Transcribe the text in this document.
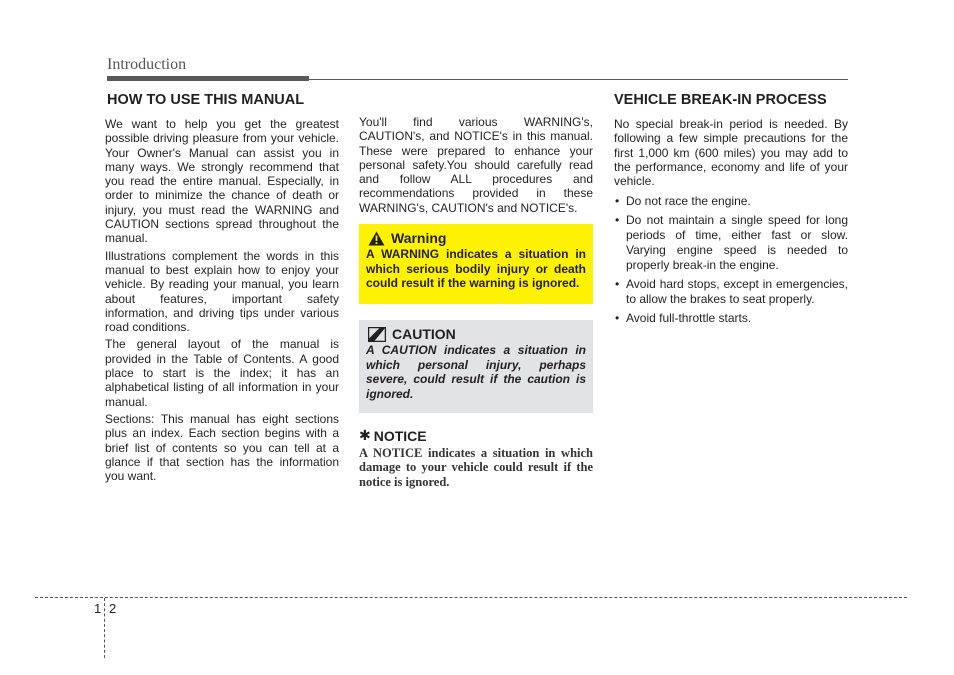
Introduction
HOW TO USE THIS MANUAL

We want to help you get the greatest possible driving pleasure from your vehicle. Your Owner's Manual can assist you in many ways. We strongly recommend that you read the entire manual. Especially, in order to minimize the chance of death or injury, you must read the WARNING and CAUTION sections spread throughout the manual.

Illustrations complement the words in this manual to best explain how to enjoy your vehicle. By reading your manual, you learn about features, important safety information, and driving tips under various road conditions.

The general layout of the manual is provided in the Table of Contents. A good place to start is the index; it has an alphabetical listing of all information in your manual.

Sections: This manual has eight sections plus an index. Each section begins with a brief list of contents so you can tell at a glance if that section has the information you want.

You'll find various WARNING's, CAUTION's, and NOTICE's in this manual. These were prepared to enhance your personal safety.You should carefully read and follow ALL procedures and recommendations provided in these WARNING's, CAUTION's and NOTICE's.

Warning
A WARNING indicates a situation in which serious bodily injury or death could result if the warning is ignored.
CAUTION
A CAUTION indicates a situation in which personal injury, perhaps severe, could result if the caution is ignored.
✱ NOTICE
A NOTICE indicates a situation in which damage to your vehicle could result if the notice is ignored.
VEHICLE BREAK-IN PROCESS

No special break-in period is needed. By following a few simple precautions for the first 1,000 km (600 miles) you may add to the performance, economy and life of your vehicle.

• Do not race the engine.
• Do not maintain a single speed for long periods of time, either fast or slow. Varying engine speed is needed to properly break-in the engine.
• Avoid hard stops, except in emergencies, to allow the brakes to seat properly.
• Avoid full-throttle starts.
1 2
